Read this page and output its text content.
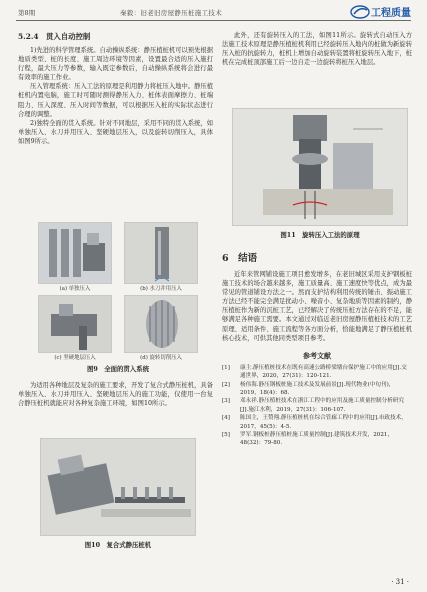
第8期	秦毅：旧老旧房屋静压桩施工技术	工程质量
5.2.4　贯入自动控制

1)先进的科学管理系统。自动操纵系统：静压植桩机可以预先根据地质类型、桩的长度、施工周边环境等因素，设置最合适的压入施打行程，最大压力等参数，输入既定参数后，自动操纵系统将会进行最有效率的施工作业。

压入管理系统：压入工法的原理是利用静力将桩压入地中。静压植桩机内置电脑，施工时可随时测得静压入力、桩体表面摩擦力、桩端阻力、压入深度、压入时间等数据，可以根据压入桩的实际状态进行合理的调整。

2)独特全面的贯入系统。针对不同地层，采用不同的贯入系统，如单独压入、水刀并用压入、坚硬地层压入，以及旋转切削压入，具体如图9所示。

(a) 单独压入	(b) 水刀并用压入
(c) 坚硬地层压入	(d) 旋转切削压入
图9　全面的贯入系统

为适用各种地层及复杂的施工要求，开发了复合式静压桩机，具备单独压入、水刀并用压入、坚硬地层压入的施工功能，仅使用一台复合静压桩机就能应对各种复杂施工环境，如图10所示。

图10　复合式静压桩机

此外，还有旋转压入的工法，如图11所示。旋转式自动压入方法施工技术原理是静压植桩机利用已经旋转压入地内的桩做为新旋转压入桩的抗旋转力，桩机上增加自动旋转装置将桩旋转压入地下，桩机在完成桩顶部施工后一边自走一边旋转将桩压入地层。

图11　旋转压入工法的原理
6　结语

近年来管网铺设施工项目愈发增多，在老旧城区采用支护钢板桩施工技术的场合越来越多，施工质量高、施工速度快等优点，成为最常见的管道铺设方法之一。然而支护结构利用传统的锤击、振动施工方法已经不能完全满足扰动小、噪音小、复杂地质等因素的制约，静压植桩作为新的沉桩工艺，已经解决了传统压桩方法存在的不足，能够满足各种施工需要。本文通过对临近老旧房屋静压植桩技术的工艺原理、适用条件、施工流程等各方面分析，恰能地满足了静压植桩机核心技术，可供其他同类型项目参考。

参考文献
[1]	康主.静压植桩技术在既有高速公路桥梁墩台保护施工中的应用[J].交通世界，2020，27(31)：120-121.
[2]	杨伟海.静压钢板桩施工技术及发展前景[J].现代物业(中旬刊)，2019，18(4)：68.
[3]	邓永祥.静压植桩技术在浙江工程中的应用及施工质量控制分析研究[J].施江水利，2019，27(31)：106-107.
[4]	陈国主，王赞翔.静压植桩机在综合管廊工程中的应用[J].市政技术，2017，45(5)：4-5.
[5]	罗军.钢板桩静压植桩施工质量控制[J].建筑技术开发，2021，48(32)：79-80.
· 31 ·
